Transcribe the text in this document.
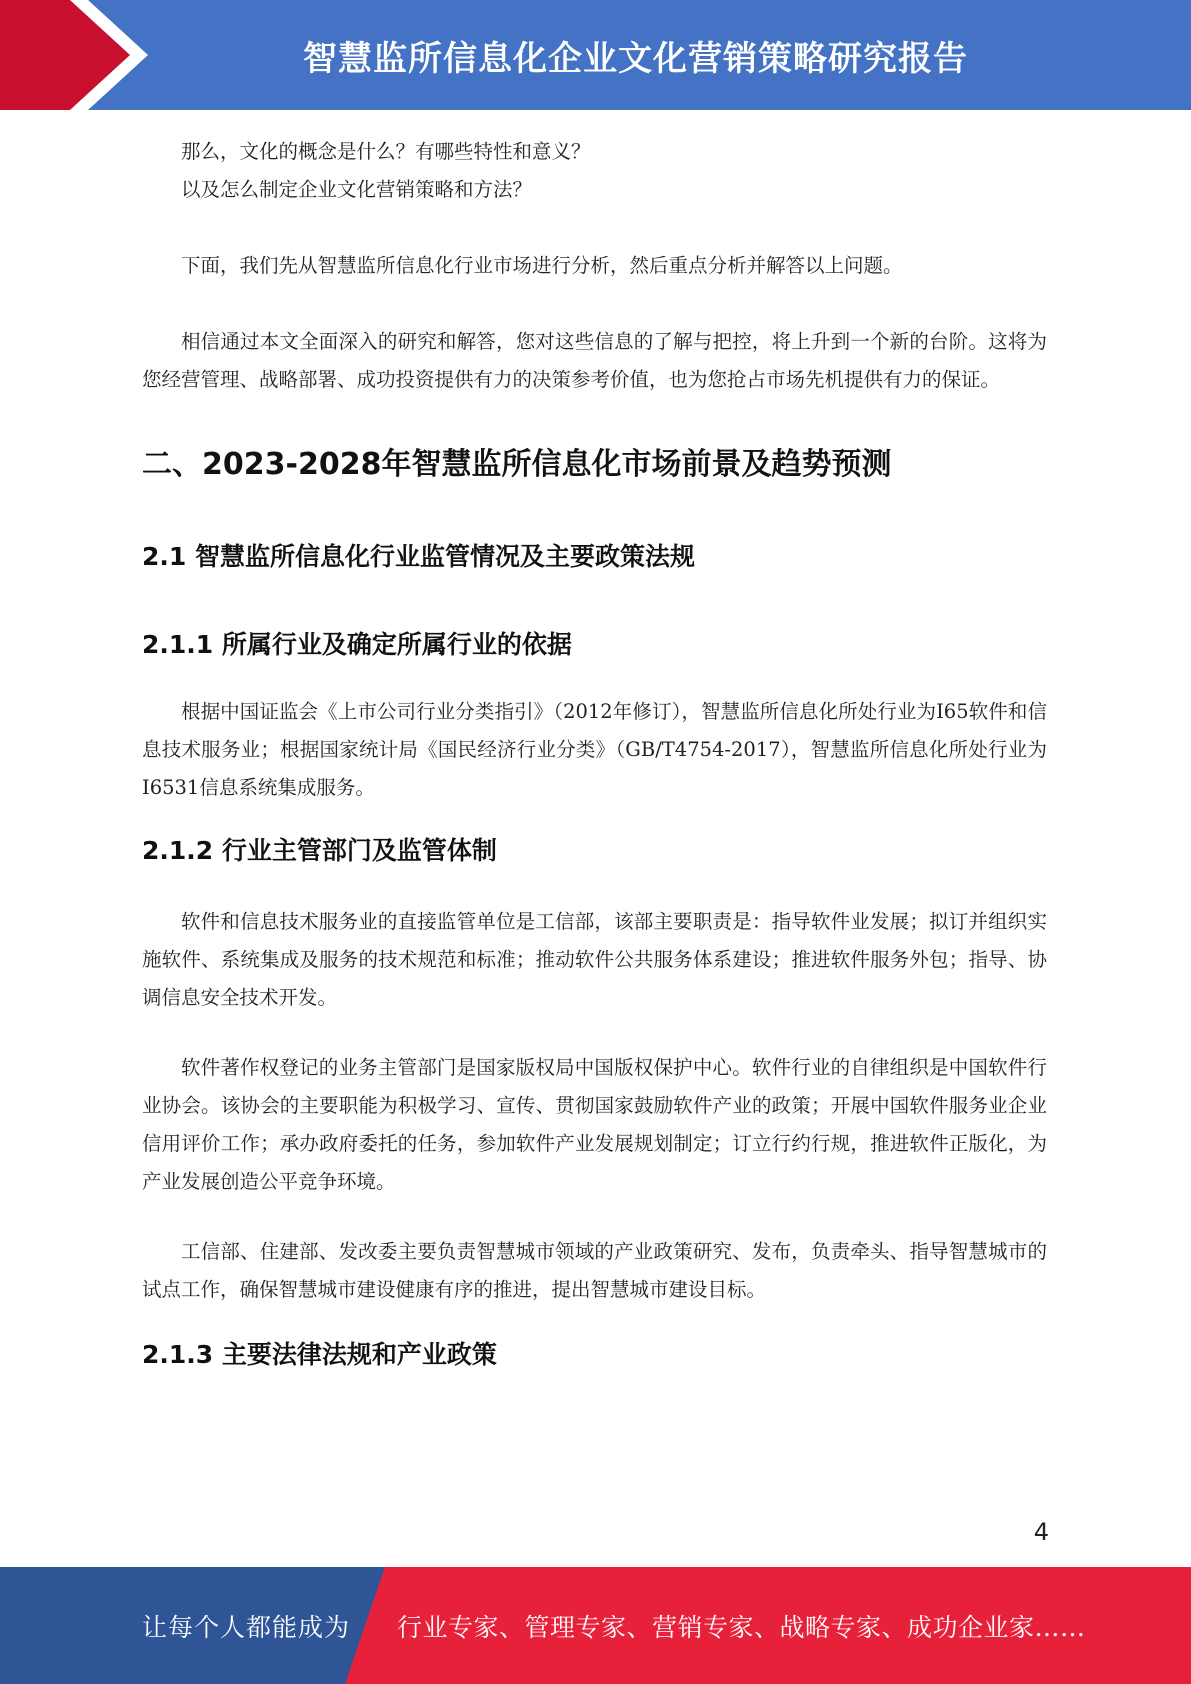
智慧监所信息化企业文化营销策略研究报告

那么，文化的概念是什么？有哪些特性和意义？

以及怎么制定企业文化营销策略和方法？

下面，我们先从智慧监所信息化行业市场进行分析，然后重点分析并解答以上问题。

相信通过本文全面深入的研究和解答，您对这些信息的了解与把控，将上升到一个新的台阶。这将为您经营管理、战略部署、成功投资提供有力的决策参考价值，也为您抢占市场先机提供有力的保证。

二、2023-2028年智慧监所信息化市场前景及趋势预测
2.1 智慧监所信息化行业监管情况及主要政策法规
2.1.1 所属行业及确定所属行业的依据

根据中国证监会《上市公司行业分类指引》（2012年修订），智慧监所信息化所处行业为I65软件和信息技术服务业；根据国家统计局《国民经济行业分类》（GB/T4754-2017），智慧监所信息化所处行业为I6531信息系统集成服务。

2.1.2 行业主管部门及监管体制

软件和信息技术服务业的直接监管单位是工信部，该部主要职责是：指导软件业发展；拟订并组织实施软件、系统集成及服务的技术规范和标准；推动软件公共服务体系建设；推进软件服务外包；指导、协调信息安全技术开发。

软件著作权登记的业务主管部门是国家版权局中国版权保护中心。软件行业的自律组织是中国软件行业协会。该协会的主要职能为积极学习、宣传、贯彻国家鼓励软件产业的政策；开展中国软件服务业企业信用评价工作；承办政府委托的任务，参加软件产业发展规划制定；订立行约行规，推进软件正版化，为产业发展创造公平竞争环境。

工信部、住建部、发改委主要负责智慧城市领域的产业政策研究、发布，负责牵头、指导智慧城市的试点工作，确保智慧城市建设健康有序的推进，提出智慧城市建设目标。

2.1.3 主要法律法规和产业政策
4
让每个人都能成为 行业专家、管理专家、营销专家、战略专家、成功企业家……
